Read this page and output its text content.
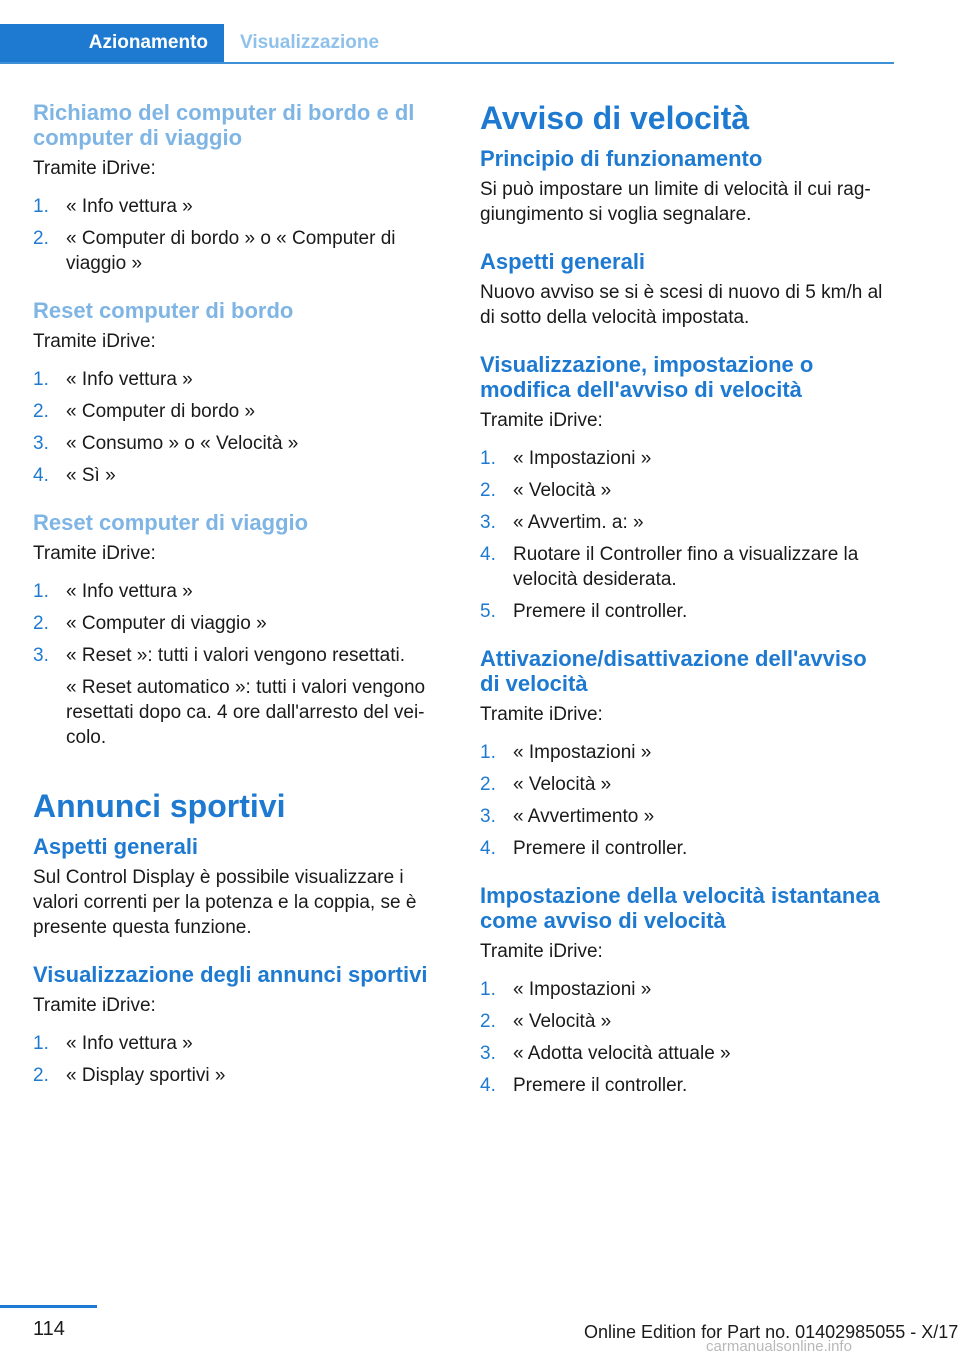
Azionamento	Visualizzazione
Richiamo del computer di bordo e dl computer di viaggio
Tramite iDrive:
1. « Info vettura »
2. « Computer di bordo » o « Computer di viaggio »
Reset computer di bordo
Tramite iDrive:
1. « Info vettura »
2. « Computer di bordo »
3. « Consumo » o « Velocità »
4. « Sì »
Reset computer di viaggio
Tramite iDrive:
1. « Info vettura »
2. « Computer di viaggio »
3. « Reset »: tutti i valori vengono resettati.
« Reset automatico »: tutti i valori vengono resettati dopo ca. 4 ore dall'arresto del vei- colo.
Annunci sportivi
Aspetti generali
Sul Control Display è possibile visualizzare i valori correnti per la potenza e la coppia, se è presente questa funzione.
Visualizzazione degli annunci sportivi
Tramite iDrive:
1. « Info vettura »
2. « Display sportivi »
Avviso di velocità
Principio di funzionamento
Si può impostare un limite di velocità il cui rag- giungimento si voglia segnalare.
Aspetti generali
Nuovo avviso se si è scesi di nuovo di 5 km/h al di sotto della velocità impostata.
Visualizzazione, impostazione o modifica dell'avviso di velocità
Tramite iDrive:
1. « Impostazioni »
2. « Velocità »
3. « Avvertim. a: »
4. Ruotare il Controller fino a visualizzare la velocità desiderata.
5. Premere il controller.
Attivazione/disattivazione dell'avviso di velocità
Tramite iDrive:
1. « Impostazioni »
2. « Velocità »
3. « Avvertimento »
4. Premere il controller.
Impostazione della velocità istantanea come avviso di velocità
Tramite iDrive:
1. « Impostazioni »
2. « Velocità »
3. « Adotta velocità attuale »
4. Premere il controller.
114	Online Edition for Part no. 01402985055 - X/17
carmanualsonline.info
